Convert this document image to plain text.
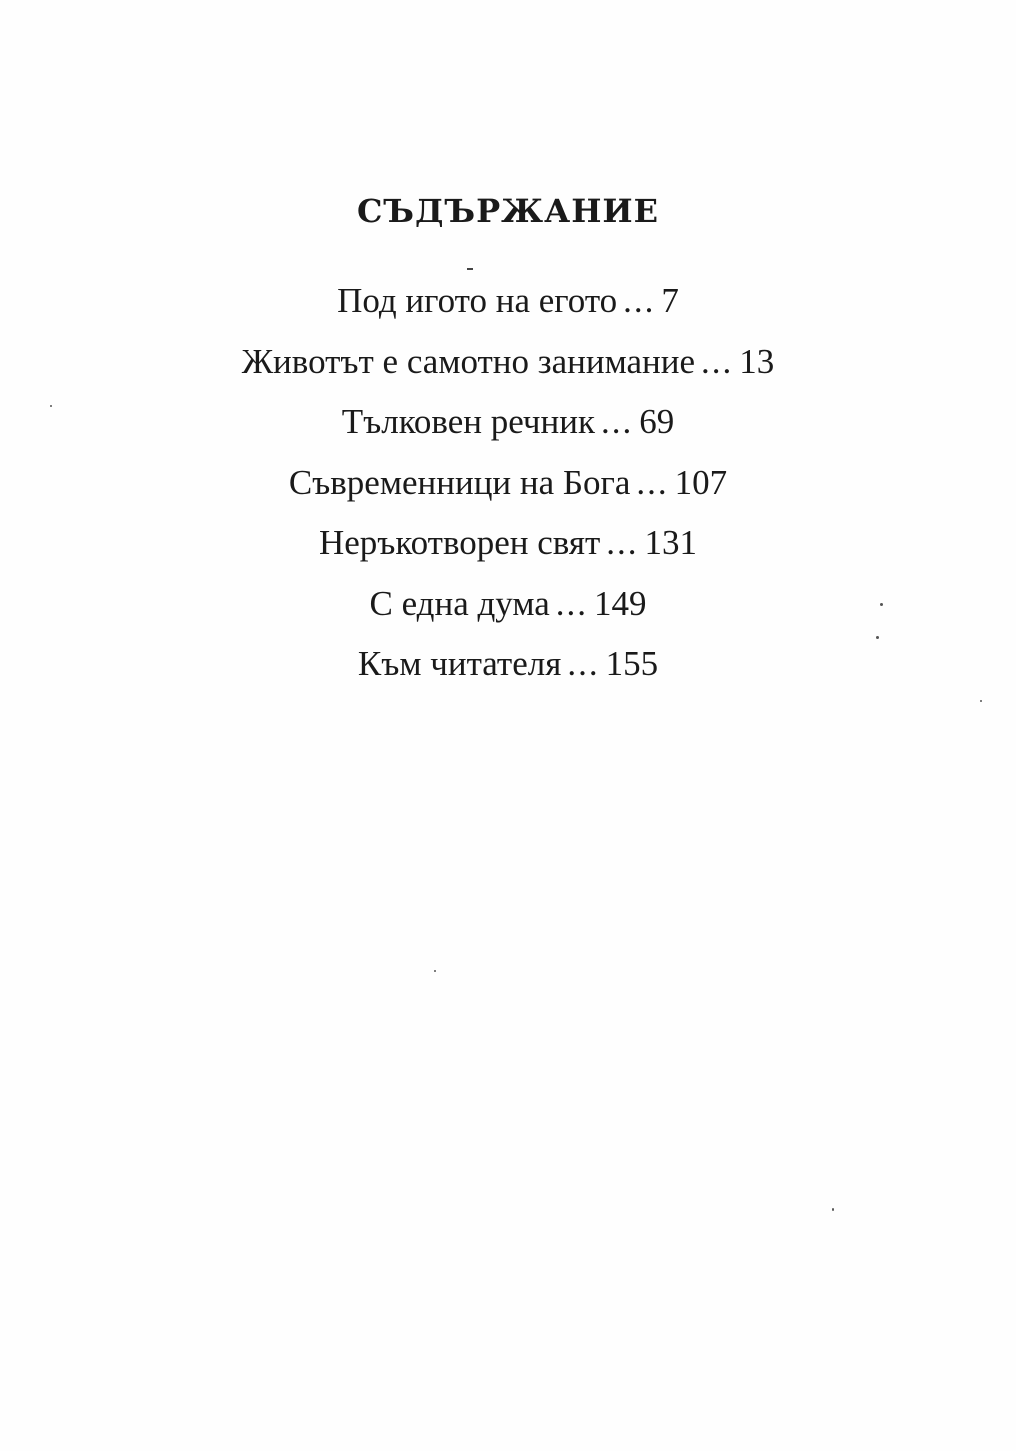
СЪДЪРЖАНИЕ
Под игото на егото ... 7
Животът е самотно занимание ... 13
Тълковен речник ... 69
Съвременници на Бога ... 107
Неръкотворен свят ... 131
С една дума ... 149
Към читателя ... 155
